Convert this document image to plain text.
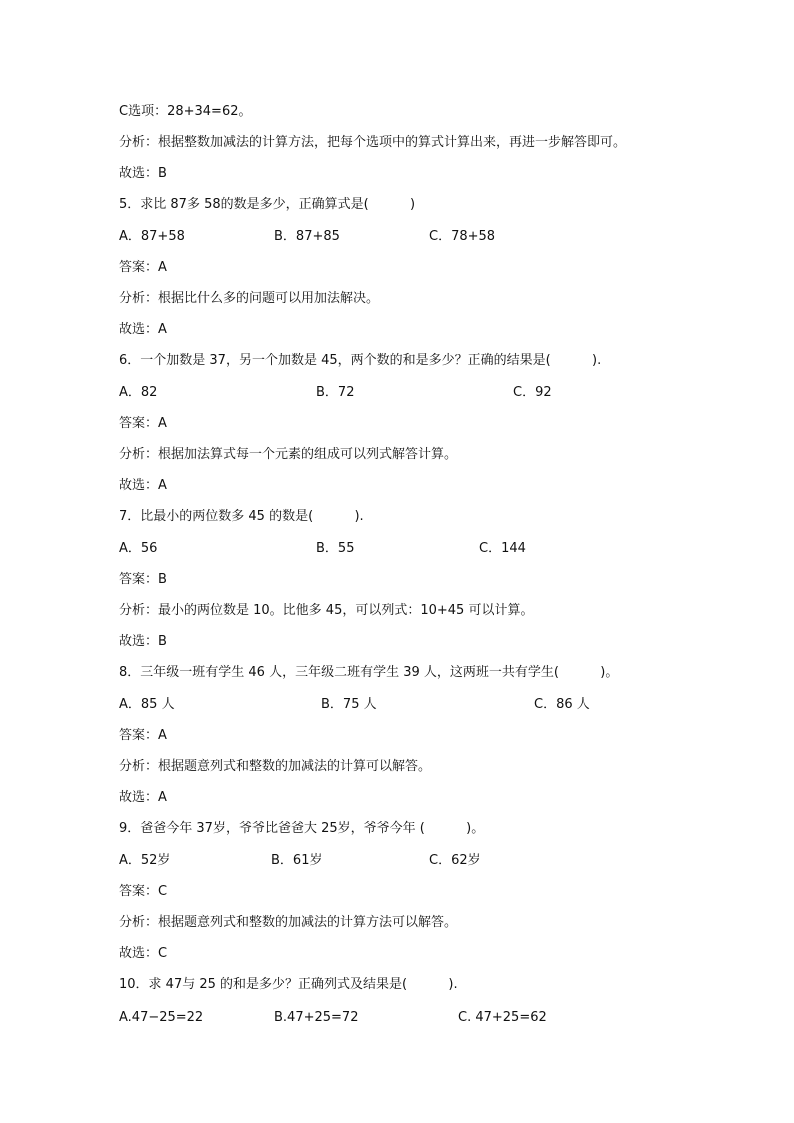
C选项：28+34=62。
分析：根据整数加减法的计算方法，把每个选项中的算式计算出来，再进一步解答即可。
故选：B
5．求比 87多 58的数是多少，正确算式是(          )
A．87+58	B．87+85	C．78+58
答案：A
分析：根据比什么多的问题可以用加法解决。
故选：A
6．一个加数是 37，另一个加数是 45，两个数的和是多少？正确的结果是(          ).
A．82	B．72	C．92
答案：A
分析：根据加法算式每一个元素的组成可以列式解答计算。
故选：A
7．比最小的两位数多 45 的数是(          ).
A．56	B．55	C．144
答案：B
分析：最小的两位数是 10。比他多 45，可以列式：10+45 可以计算。
故选：B
8．三年级一班有学生 46 人，三年级二班有学生 39 人，这两班一共有学生(          )。
A．85 人	B．75 人	C．86 人
答案：A
分析：根据题意列式和整数的加减法的计算可以解答。
故选：A
9．爸爸今年 37岁，爷爷比爸爸大 25岁，爷爷今年 (          )。
A．52岁	B．61岁	C．62岁
答案：C
分析：根据题意列式和整数的加减法的计算方法可以解答。
故选：C
10．求 47与 25 的和是多少？正确列式及结果是(          ).
A.47−25=22	B.47+25=72	C. 47+25=62
